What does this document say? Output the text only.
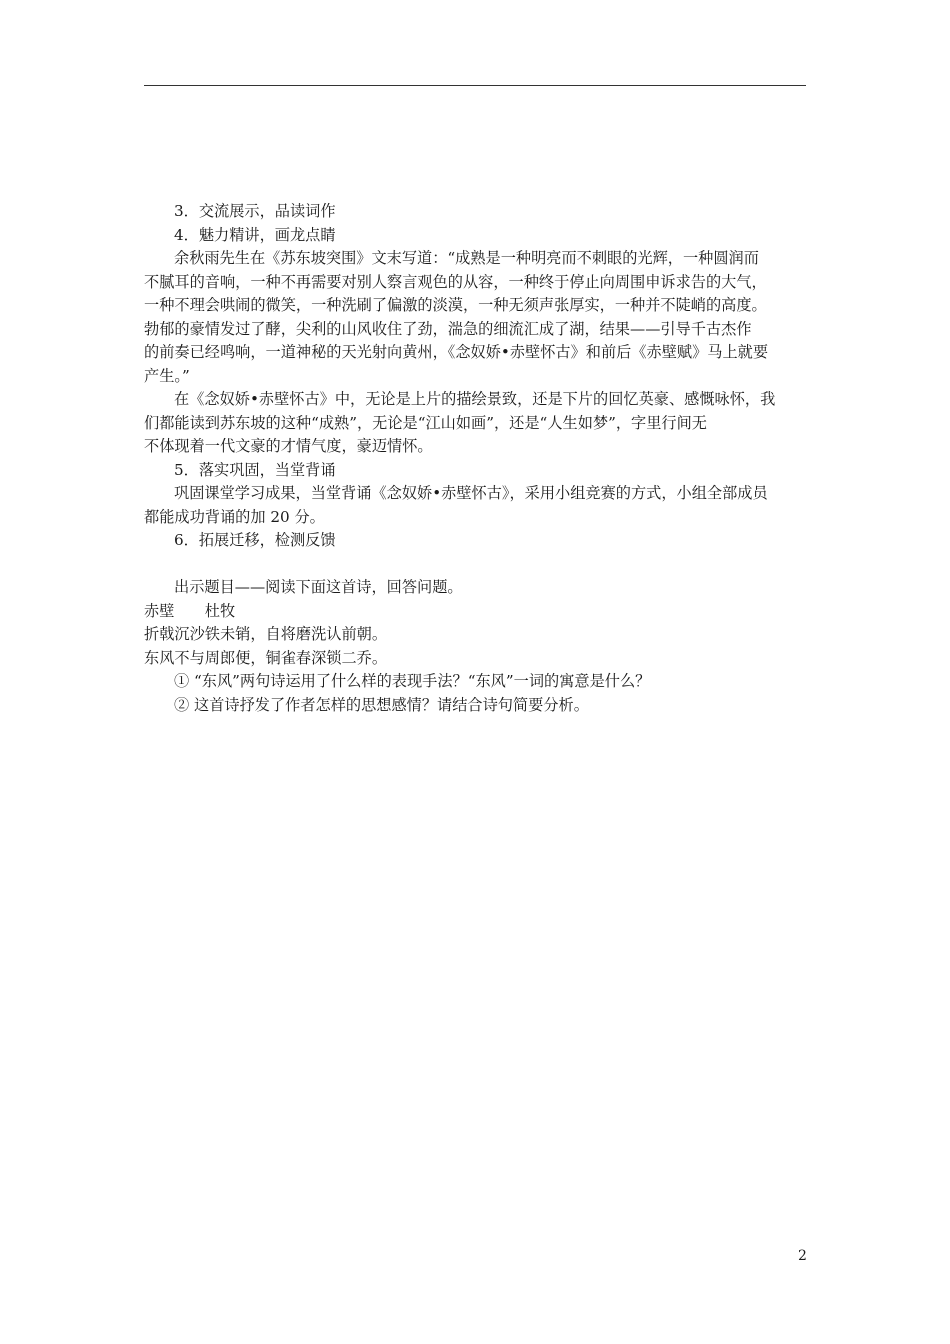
3．交流展示，品读词作
4．魅力精讲，画龙点睛
余秋雨先生在《苏东坡突围》文末写道：“成熟是一种明亮而不刺眼的光辉，一种圆润而
不腻耳的音响，一种不再需要对别人察言观色的从容，一种终于停止向周围申诉求告的大气，
一种不理会哄闹的微笑，一种洗刷了偏激的淡漠，一种无须声张厚实，一种并不陡峭的高度。
勃郁的豪情发过了酵，尖利的山风收住了劲，湍急的细流汇成了湖，结果——引导千古杰作
的前奏已经鸣响，一道神秘的天光射向黄州，《念奴娇•赤壁怀古》和前后《赤壁赋》马上就要
产生。”
在《念奴娇•赤壁怀古》中，无论是上片的描绘景致，还是下片的回忆英豪、感慨咏怀，我
们都能读到苏东坡的这种“成熟”，无论是“江山如画”，还是“人生如梦”，字里行间无
不体现着一代文豪的才情气度，豪迈情怀。
5．落实巩固，当堂背诵
巩固课堂学习成果，当堂背诵《念奴娇•赤壁怀古》，采用小组竞赛的方式，小组全部成员
都能成功背诵的加 20 分。
6．拓展迁移，检测反馈
出示题目——阅读下面这首诗，回答问题。
赤壁　　杜牧
折戟沉沙铁未销，自将磨洗认前朝。
东风不与周郎便，铜雀春深锁二乔。
① “东风”两句诗运用了什么样的表现手法？“东风”一词的寓意是什么？
② 这首诗抒发了作者怎样的思想感情？请结合诗句简要分析。
2
